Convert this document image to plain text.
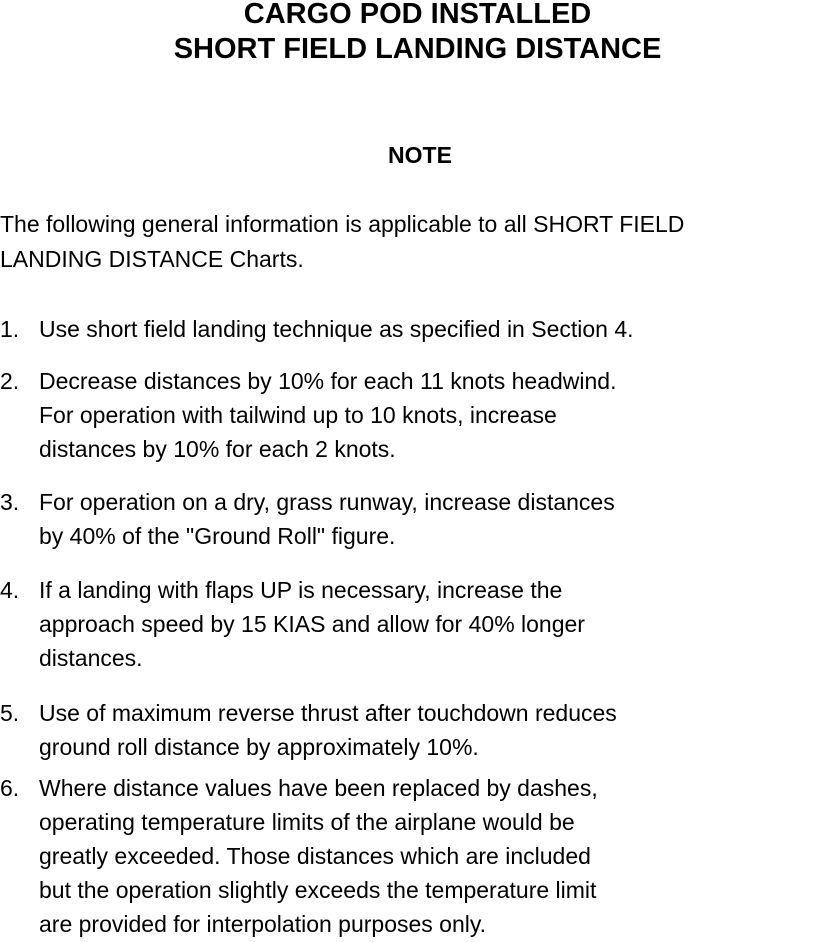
CARGO POD INSTALLED
SHORT FIELD LANDING DISTANCE
NOTE
The following general information is applicable to all SHORT FIELD
LANDING DISTANCE Charts.
1. Use short field landing technique as specified in Section 4.
2. Decrease distances by 10% for each 11 knots headwind.
For operation with tailwind up to 10 knots, increase
distances by 10% for each 2 knots.
3. For operation on a dry, grass runway, increase distances
by 40% of the "Ground Roll" figure.
4. If a landing with flaps UP is necessary, increase the
approach speed by 15 KIAS and allow for 40% longer
distances.
5. Use of maximum reverse thrust after touchdown reduces
ground roll distance by approximately 10%.
6. Where distance values have been replaced by dashes,
operating temperature limits of the airplane would be
greatly exceeded. Those distances which are included
but the operation slightly exceeds the temperature limit
are provided for interpolation purposes only.
